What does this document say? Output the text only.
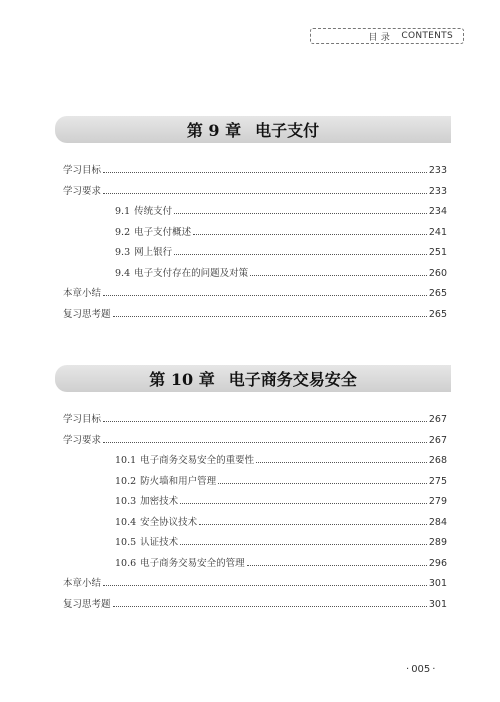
目 录
CONTENTS
第 9 章 电子支付
学习目标	233
学习要求	233
9.1 传统支付	234
9.2 电子支付概述	241
9.3 网上银行	251
9.4 电子支付存在的问题及对策	260
本章小结	265
复习思考题	265
第 10 章 电子商务交易安全
学习目标	267
学习要求	267
10.1 电子商务交易安全的重要性	268
10.2 防火墙和用户管理	275
10.3 加密技术	279
10.4 安全协议技术	284
10.5 认证技术	289
10.6 电子商务交易安全的管理	296
本章小结	301
复习思考题	301
· 005 ·
